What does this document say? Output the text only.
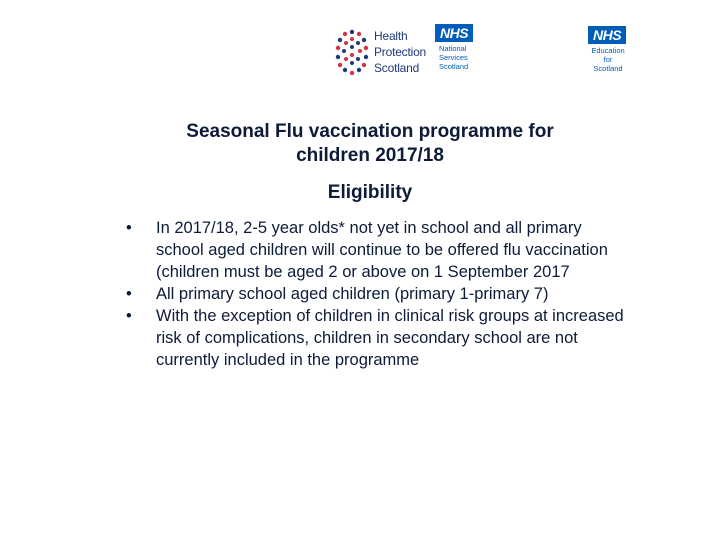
Health
Protection
Scotland
NHS
National
Services
Scotland
NHS
Education
for
Scotland
Seasonal Flu vaccination programme for
children 2017/18
Eligibility
•	In 2017/18, 2-5 year olds* not yet in school and all primary school aged children will continue to be offered flu vaccination (children must be aged 2 or above on 1 September 2017
•	All primary school aged children (primary 1-primary 7)
•	With the exception of children in clinical risk groups at increased risk of complications, children in secondary school are not currently included in the programme
